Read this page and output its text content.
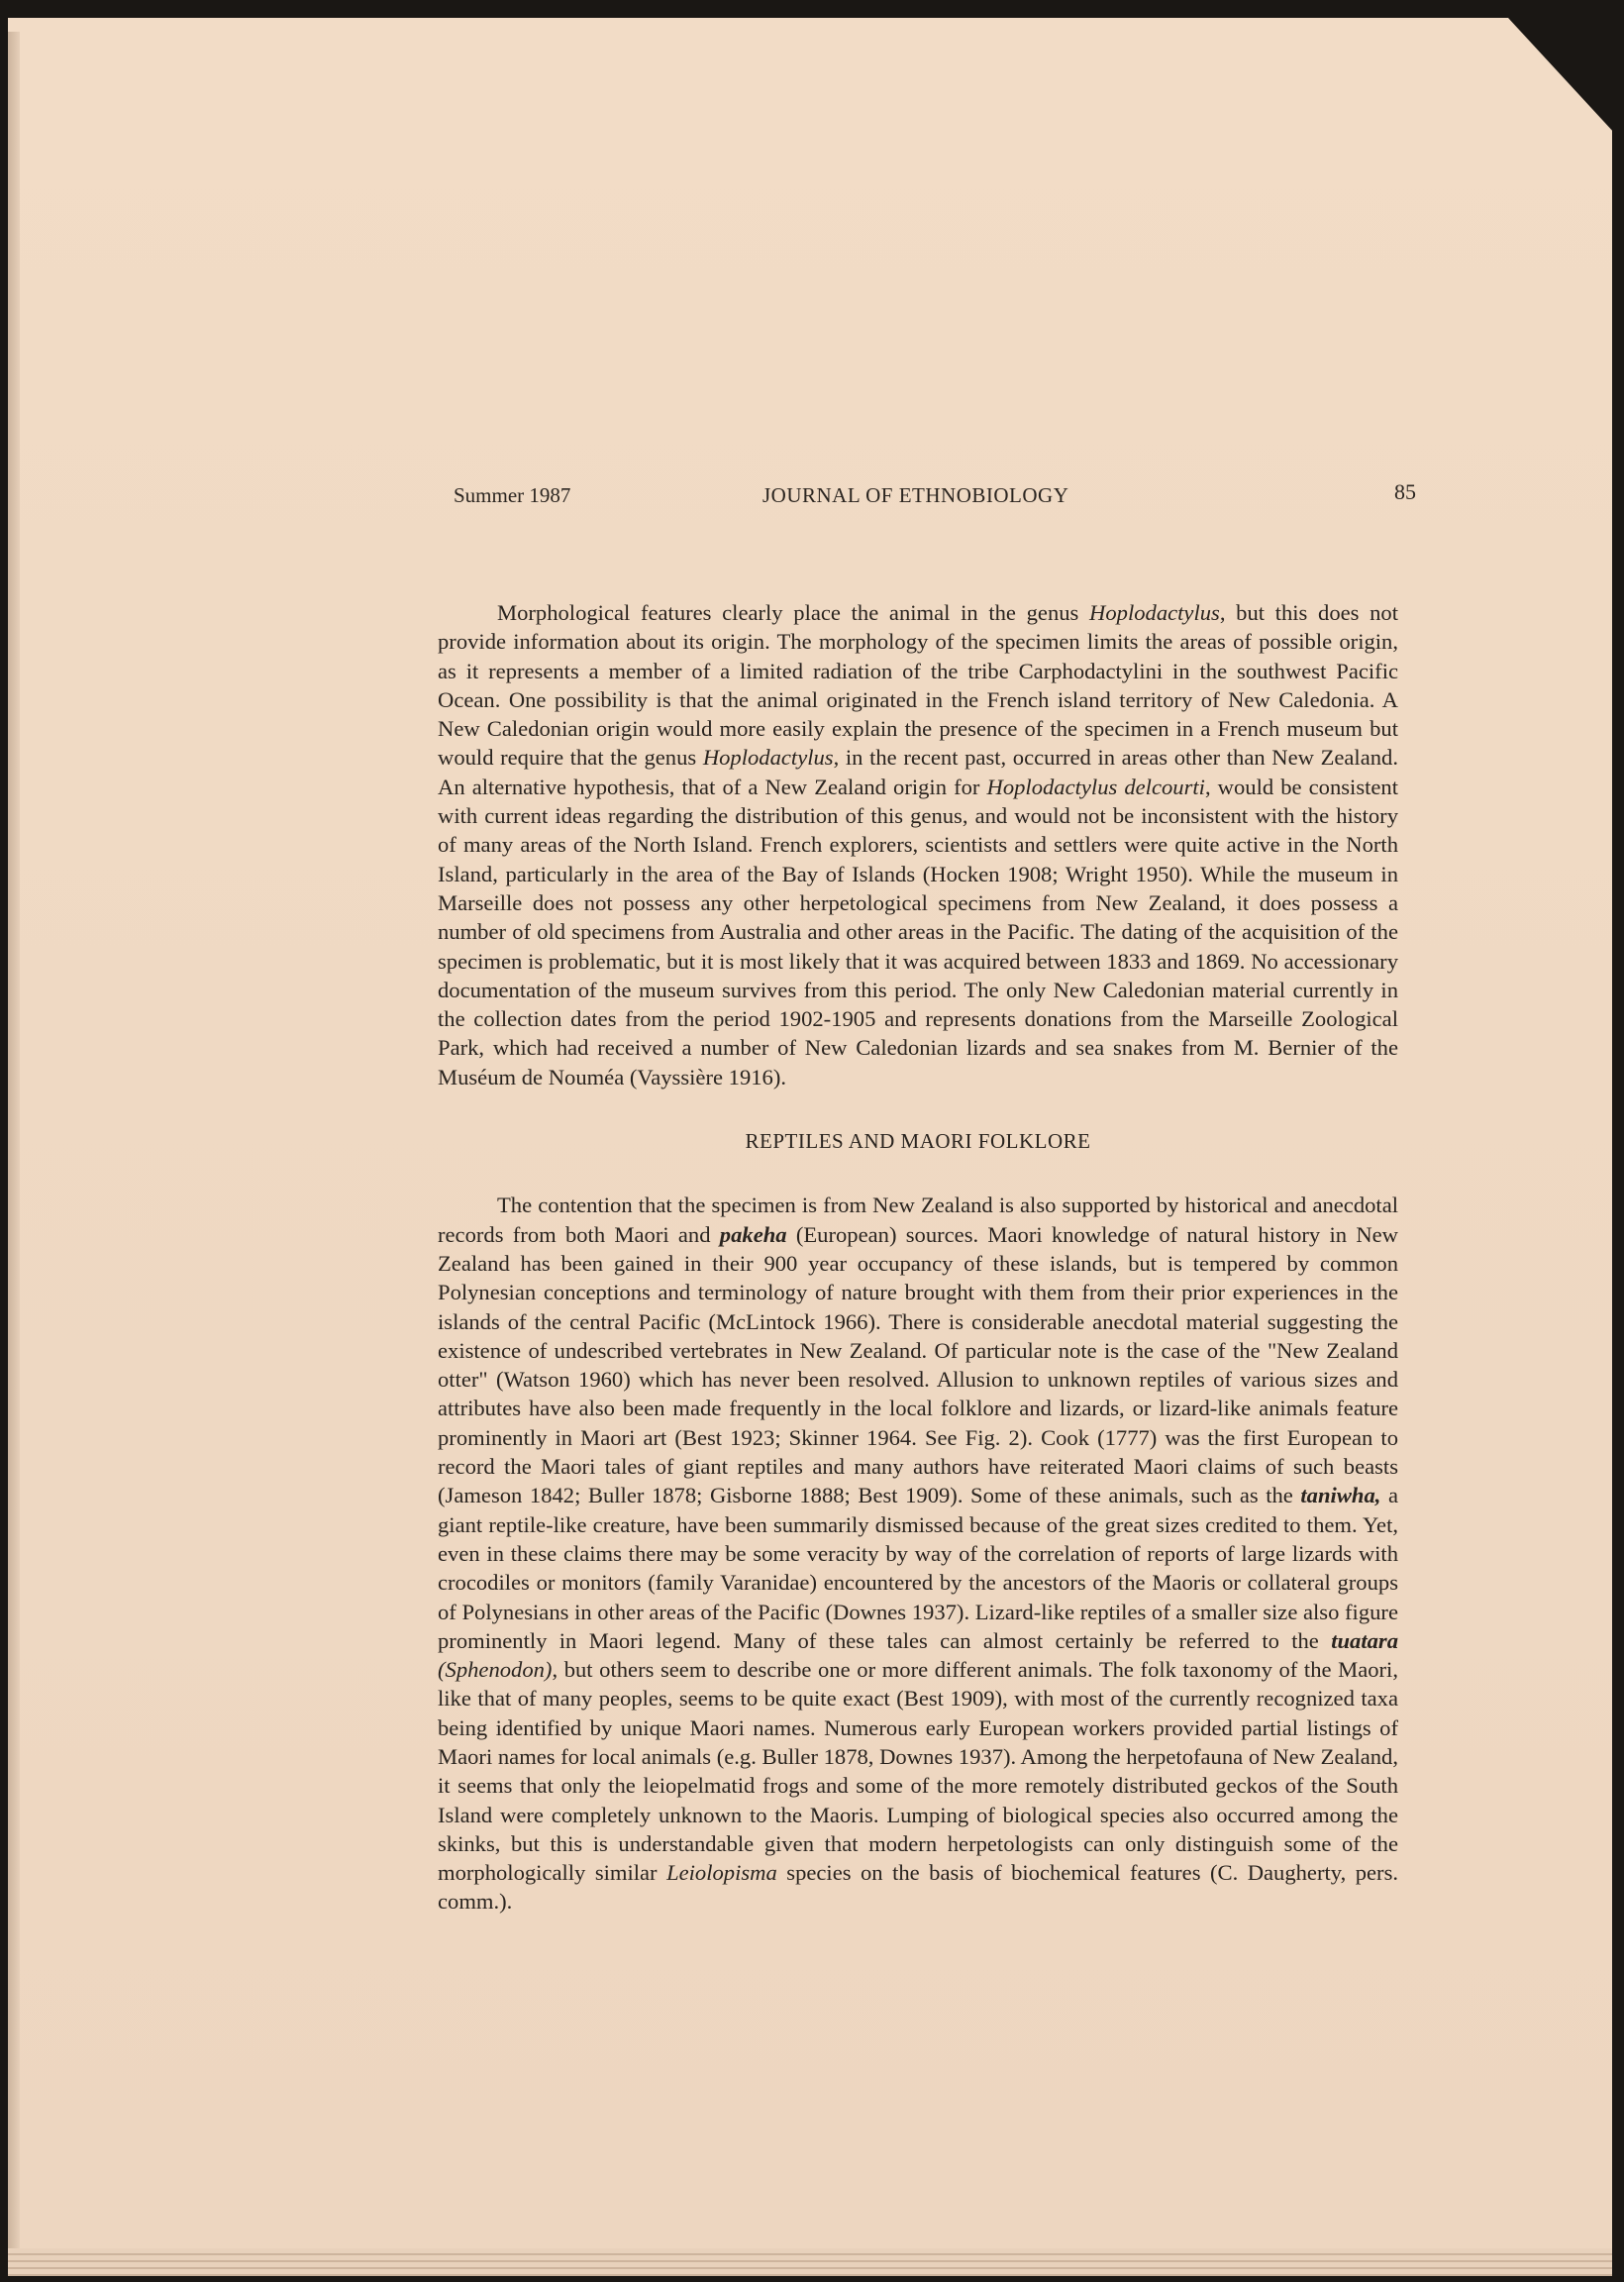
Summer 1987	JOURNAL OF ETHNOBIOLOGY	85

Morphological features clearly place the animal in the genus Hoplodactylus, but this does not provide information about its origin. The morphology of the specimen limits the areas of possible origin, as it represents a member of a limited radiation of the tribe Carphodactylini in the southwest Pacific Ocean. One possibility is that the animal originated in the French island territory of New Caledonia. A New Caledonian origin would more easily explain the presence of the specimen in a French museum but would require that the genus Hoplodactylus, in the recent past, occurred in areas other than New Zealand. An alternative hypothesis, that of a New Zealand origin for Hoplodactylus delcourti, would be consistent with current ideas regarding the distribution of this genus, and would not be inconsistent with the history of many areas of the North Island. French explorers, scientists and settlers were quite active in the North Island, particularly in the area of the Bay of Islands (Hocken 1908; Wright 1950). While the museum in Marseille does not possess any other herpetological specimens from New Zealand, it does possess a number of old specimens from Australia and other areas in the Pacific. The dating of the acquisition of the specimen is problematic, but it is most likely that it was acquired between 1833 and 1869. No accessionary documentation of the museum survives from this period. The only New Caledonian material currently in the collection dates from the period 1902-1905 and represents donations from the Marseille Zoological Park, which had received a number of New Caledonian lizards and sea snakes from M. Bernier of the Muséum de Nouméa (Vayssière 1916).

REPTILES AND MAORI FOLKLORE

The contention that the specimen is from New Zealand is also supported by historical and anecdotal records from both Maori and pakeha (European) sources. Maori knowledge of natural history in New Zealand has been gained in their 900 year occupancy of these islands, but is tempered by common Polynesian conceptions and terminology of nature brought with them from their prior experiences in the islands of the central Pacific (McLintock 1966). There is considerable anecdotal material suggesting the existence of undescribed vertebrates in New Zealand. Of particular note is the case of the "New Zealand otter" (Watson 1960) which has never been resolved. Allusion to unknown reptiles of various sizes and attributes have also been made frequently in the local folklore and lizards, or lizard-like animals feature prominently in Maori art (Best 1923; Skinner 1964. See Fig. 2). Cook (1777) was the first European to record the Maori tales of giant reptiles and many authors have reiterated Maori claims of such beasts (Jameson 1842; Buller 1878; Gisborne 1888; Best 1909). Some of these animals, such as the taniwha, a giant reptile-like creature, have been summarily dismissed because of the great sizes credited to them. Yet, even in these claims there may be some veracity by way of the correlation of reports of large lizards with crocodiles or monitors (family Varanidae) encountered by the ancestors of the Maoris or collateral groups of Polynesians in other areas of the Pacific (Downes 1937). Lizard-like reptiles of a smaller size also figure prominently in Maori legend. Many of these tales can almost certainly be referred to the tuatara (Sphenodon), but others seem to describe one or more different animals. The folk taxonomy of the Maori, like that of many peoples, seems to be quite exact (Best 1909), with most of the currently recognized taxa being identified by unique Maori names. Numerous early European workers provided partial listings of Maori names for local animals (e.g. Buller 1878, Downes 1937). Among the herpetofauna of New Zealand, it seems that only the leiopelmatid frogs and some of the more remotely distributed geckos of the South Island were completely unknown to the Maoris. Lumping of biological species also occurred among the skinks, but this is understandable given that modern herpetologists can only distinguish some of the morphologically similar Leiolopisma species on the basis of biochemical features (C. Daugherty, pers. comm.).
